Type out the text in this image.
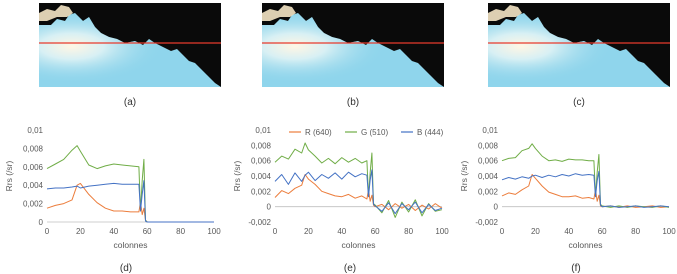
(a)	(b)	(c)
0
0,002
0,004
0,006
0,008
0,01
0	20	40	60	80	100
Rrs (/sr)
colonnes
-0,002
0
0,002
0,004
0,006
0,008
0,01
0	20	40	60	80	100
Rrs (/sr)
colonnes
R (640)	G (510)	B (444)
-0,002
0
0,002
0,004
0,006
0,008
0,01
0	20	40	60	80	100
Rrs (/sr)
colonnes
(d)	(e)	(f)
